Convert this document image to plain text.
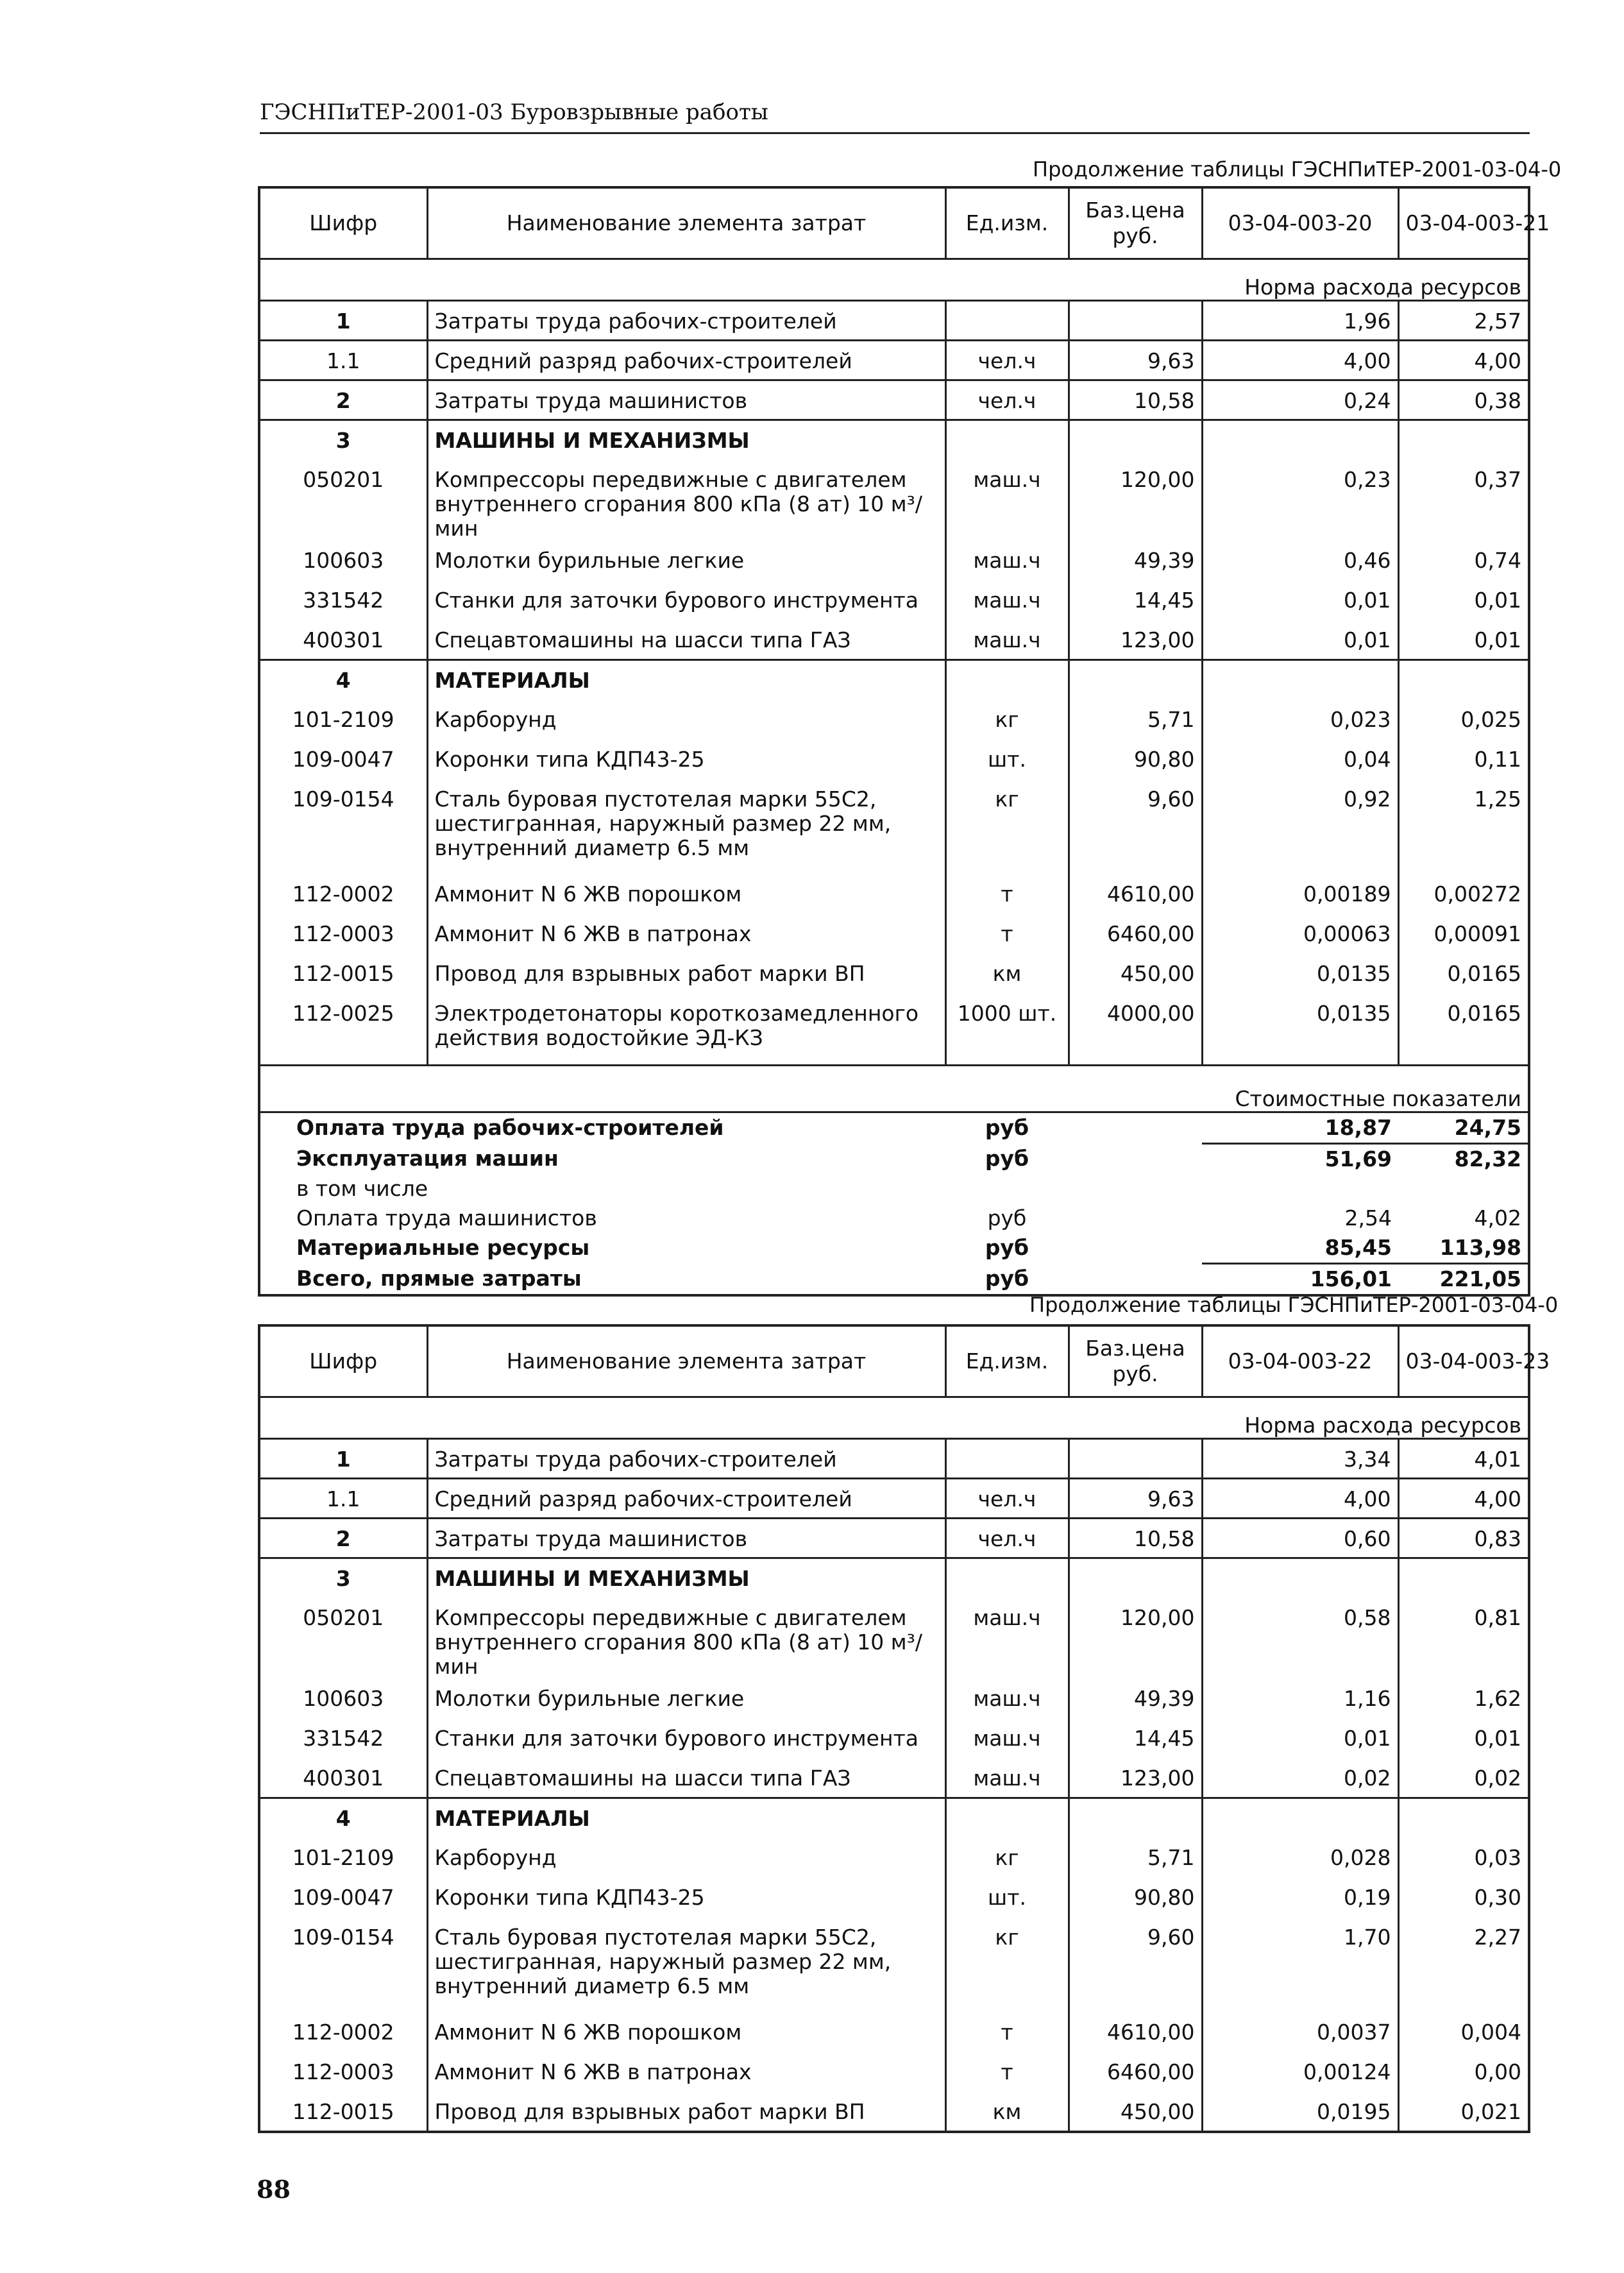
ГЭСНПиТЕР-2001-03 Буровзрывные работы
Продолжение таблицы ГЭСНПиТЕР-2001-03-04-0
Шифр	Наименование элемента затрат	Ед.изм.	Баз.цена руб.	03-04-003-20	03-04-003-21
Норма расхода ресурсов					
1	Затраты труда рабочих-строителей			1,96	2,57
1.1	Средний разряд рабочих-строителей	чел.ч	9,63	4,00	4,00
2	Затраты труда машинистов	чел.ч	10,58	0,24	0,38
3	МАШИНЫ И МЕХАНИЗМЫ				
050201	Компрессоры передвижные с двигателем внутреннего сгорания 800 кПа (8 ат) 10 м³/мин	маш.ч	120,00	0,23	0,37
100603	Молотки бурильные легкие	маш.ч	49,39	0,46	0,74
331542	Станки для заточки бурового инструмента	маш.ч	14,45	0,01	0,01
400301	Спецавтомашины на шасси типа ГАЗ	маш.ч	123,00	0,01	0,01
4	МАТЕРИАЛЫ				
101-2109	Карборунд	кг	5,71	0,023	0,025
109-0047	Коронки типа КДП43-25	шт.	90,80	0,04	0,11
109-0154	Сталь буровая пустотелая марки 55С2, шестигранная, наружный размер 22 мм, внутренний диаметр 6.5 мм	кг	9,60	0,92	1,25
112-0002	Аммонит N 6 ЖВ порошком	т	4610,00	0,00189	0,00272
112-0003	Аммонит N 6 ЖВ в патронах	т	6460,00	0,00063	0,00091
112-0015	Провод для взрывных работ марки ВП	км	450,00	0,0135	0,0165
112-0025	Электродетонаторы короткозамедленного действия водостойкие ЭД-КЗ	1000 шт.	4000,00	0,0135	0,0165
Стоимостные показатели					
Оплата труда рабочих-строителей		руб		18,87	24,75
Эксплуатация машин		руб		51,69	82,32
в том числе					
Оплата труда машинистов		руб		2,54	4,02
Материальные ресурсы		руб		85,45	113,98
Всего, прямые затраты		руб		156,01	221,05
Продолжение таблицы ГЭСНПиТЕР-2001-03-04-0
Шифр	Наименование элемента затрат	Ед.изм.	Баз.цена руб.	03-04-003-22	03-04-003-23
Норма расхода ресурсов					
1	Затраты труда рабочих-строителей			3,34	4,01
1.1	Средний разряд рабочих-строителей	чел.ч	9,63	4,00	4,00
2	Затраты труда машинистов	чел.ч	10,58	0,60	0,83
3	МАШИНЫ И МЕХАНИЗМЫ				
050201	Компрессоры передвижные с двигателем внутреннего сгорания 800 кПа (8 ат) 10 м³/мин	маш.ч	120,00	0,58	0,81
100603	Молотки бурильные легкие	маш.ч	49,39	1,16	1,62
331542	Станки для заточки бурового инструмента	маш.ч	14,45	0,01	0,01
400301	Спецавтомашины на шасси типа ГАЗ	маш.ч	123,00	0,02	0,02
4	МАТЕРИАЛЫ				
101-2109	Карборунд	кг	5,71	0,028	0,03
109-0047	Коронки типа КДП43-25	шт.	90,80	0,19	0,30
109-0154	Сталь буровая пустотелая марки 55С2, шестигранная, наружный размер 22 мм, внутренний диаметр 6.5 мм	кг	9,60	1,70	2,27
112-0002	Аммонит N 6 ЖВ порошком	т	4610,00	0,0037	0,004
112-0003	Аммонит N 6 ЖВ в патронах	т	6460,00	0,00124	0,00
112-0015	Провод для взрывных работ марки ВП	км	450,00	0,0195	0,021
88
